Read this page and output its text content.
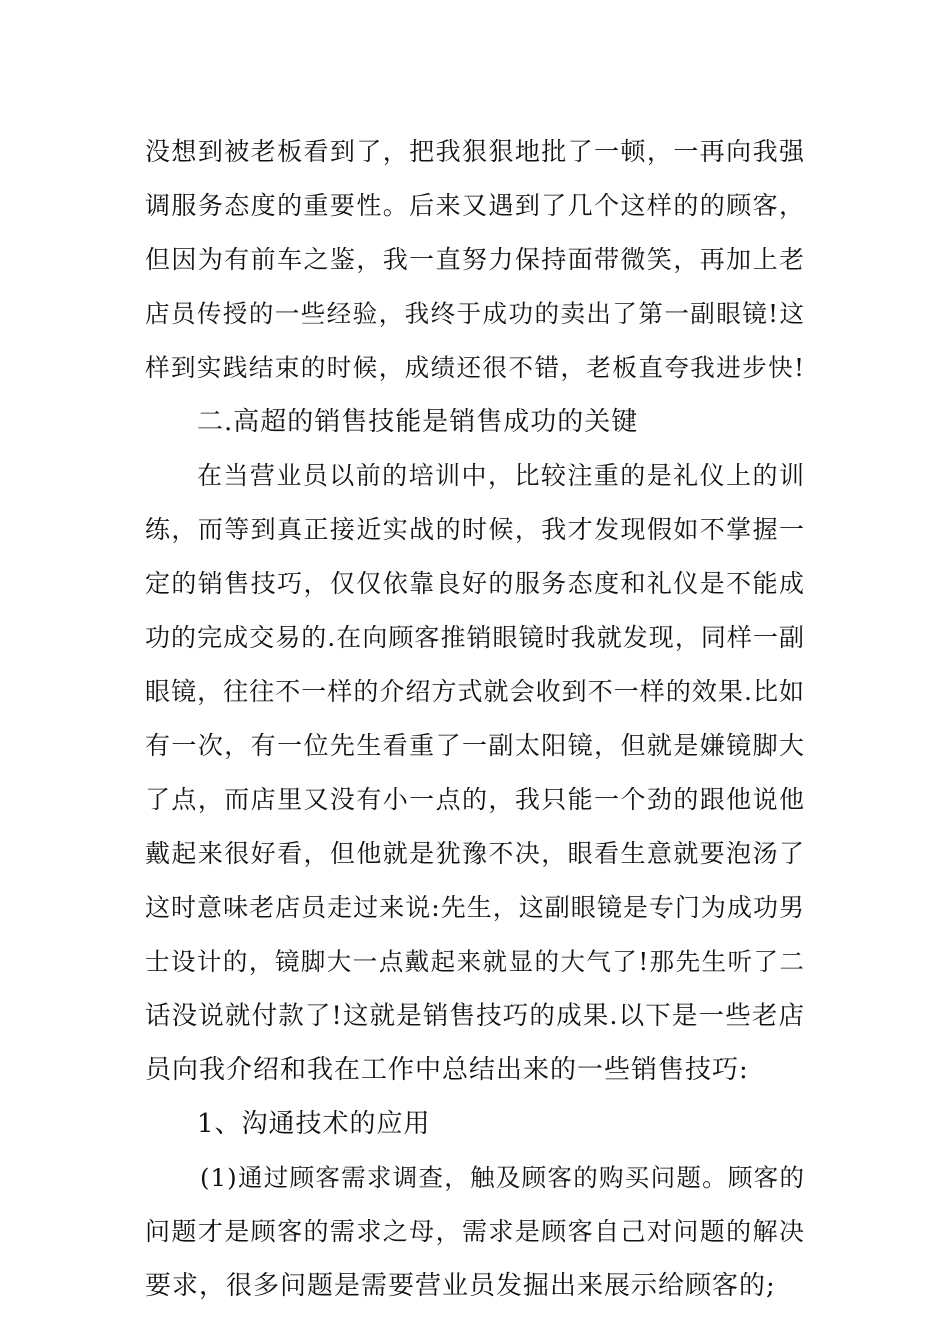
没想到被老板看到了，把我狠狠地批了一顿，一再向我强
调服务态度的重要性。后来又遇到了几个这样的的顾客，
但因为有前车之鉴，我一直努力保持面带微笑，再加上老
店员传授的一些经验，我终于成功的卖出了第一副眼镜!这
样到实践结束的时候，成绩还很不错，老板直夸我进步快!
二.高超的销售技能是销售成功的关键
在当营业员以前的培训中，比较注重的是礼仪上的训
练，而等到真正接近实战的时候，我才发现假如不掌握一
定的销售技巧，仅仅依靠良好的服务态度和礼仪是不能成
功的完成交易的.在向顾客推销眼镜时我就发现，同样一副
眼镜，往往不一样的介绍方式就会收到不一样的效果.比如
有一次，有一位先生看重了一副太阳镜，但就是嫌镜脚大
了点，而店里又没有小一点的，我只能一个劲的跟他说他
戴起来很好看，但他就是犹豫不决，眼看生意就要泡汤了
这时意味老店员走过来说:先生，这副眼镜是专门为成功男
士设计的，镜脚大一点戴起来就显的大气了!那先生听了二
话没说就付款了!这就是销售技巧的成果.以下是一些老店
员向我介绍和我在工作中总结出来的一些销售技巧:
1、沟通技术的应用
(1)通过顾客需求调查，触及顾客的购买问题。顾客的
问题才是顾客的需求之母，需求是顾客自己对问题的解决
要求，很多问题是需要营业员发掘出来展示给顾客的;
